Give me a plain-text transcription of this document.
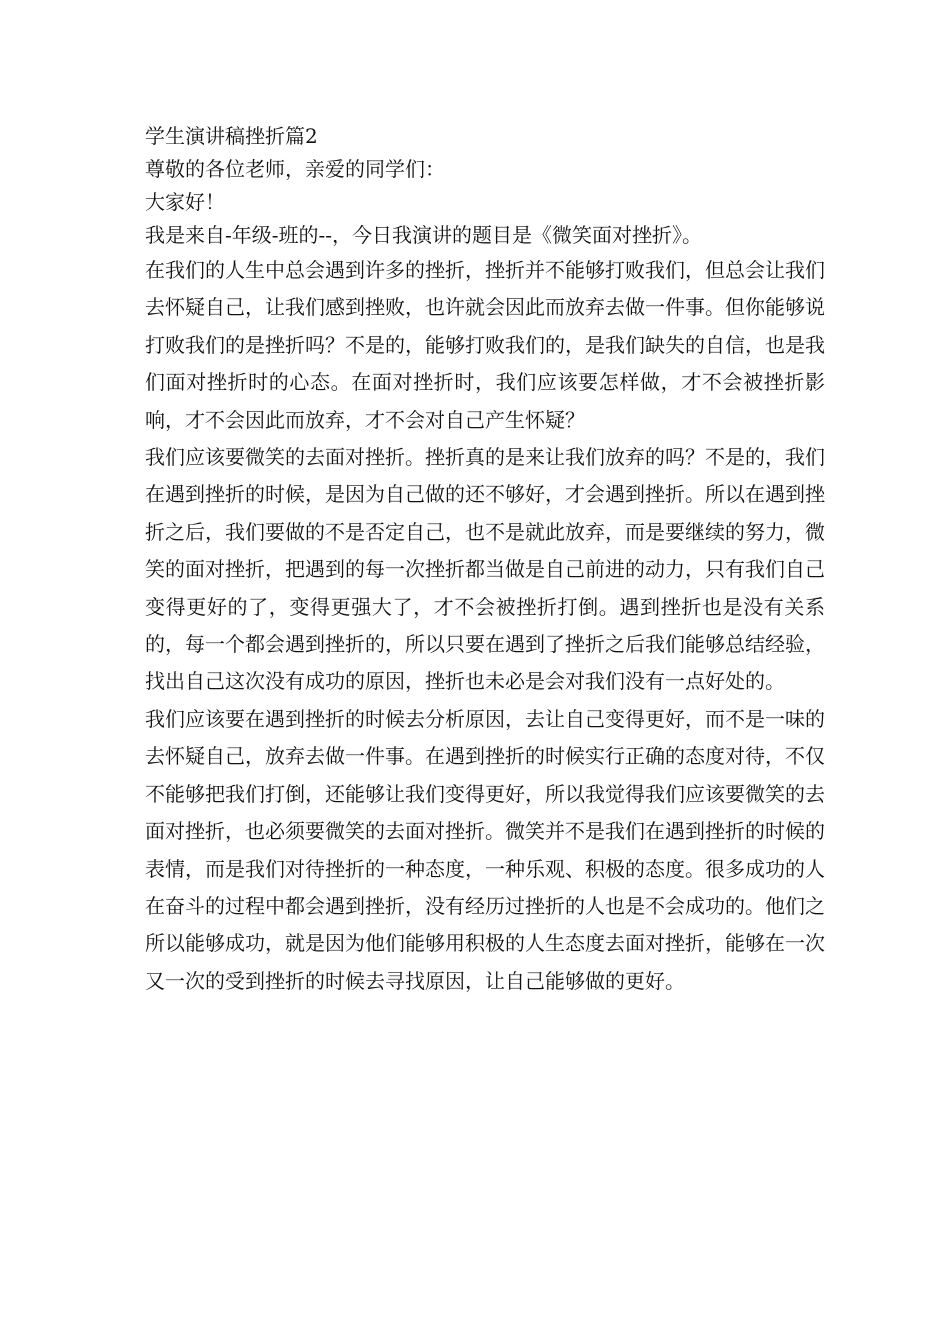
学生演讲稿挫折篇2

尊敬的各位老师，亲爱的同学们：

大家好！

我是来自-年级-班的--，今日我演讲的题目是《微笑面对挫折》。

在我们的人生中总会遇到许多的挫折，挫折并不能够打败我们，但总会让我们去怀疑自己，让我们感到挫败，也许就会因此而放弃去做一件事。但你能够说打败我们的是挫折吗？不是的，能够打败我们的，是我们缺失的自信，也是我们面对挫折时的心态。在面对挫折时，我们应该要怎样做，才不会被挫折影响，才不会因此而放弃，才不会对自己产生怀疑？

我们应该要微笑的去面对挫折。挫折真的是来让我们放弃的吗？不是的，我们在遇到挫折的时候，是因为自己做的还不够好，才会遇到挫折。所以在遇到挫折之后，我们要做的不是否定自己，也不是就此放弃，而是要继续的努力，微笑的面对挫折，把遇到的每一次挫折都当做是自己前进的动力，只有我们自己变得更好的了，变得更强大了，才不会被挫折打倒。遇到挫折也是没有关系的，每一个都会遇到挫折的，所以只要在遇到了挫折之后我们能够总结经验，找出自己这次没有成功的原因，挫折也未必是会对我们没有一点好处的。

我们应该要在遇到挫折的时候去分析原因，去让自己变得更好，而不是一味的去怀疑自己，放弃去做一件事。在遇到挫折的时候实行正确的态度对待，不仅不能够把我们打倒，还能够让我们变得更好，所以我觉得我们应该要微笑的去面对挫折，也必须要微笑的去面对挫折。微笑并不是我们在遇到挫折的时候的表情，而是我们对待挫折的一种态度，一种乐观、积极的态度。很多成功的人在奋斗的过程中都会遇到挫折，没有经历过挫折的人也是不会成功的。他们之所以能够成功，就是因为他们能够用积极的人生态度去面对挫折，能够在一次又一次的受到挫折的时候去寻找原因，让自己能够做的更好。
